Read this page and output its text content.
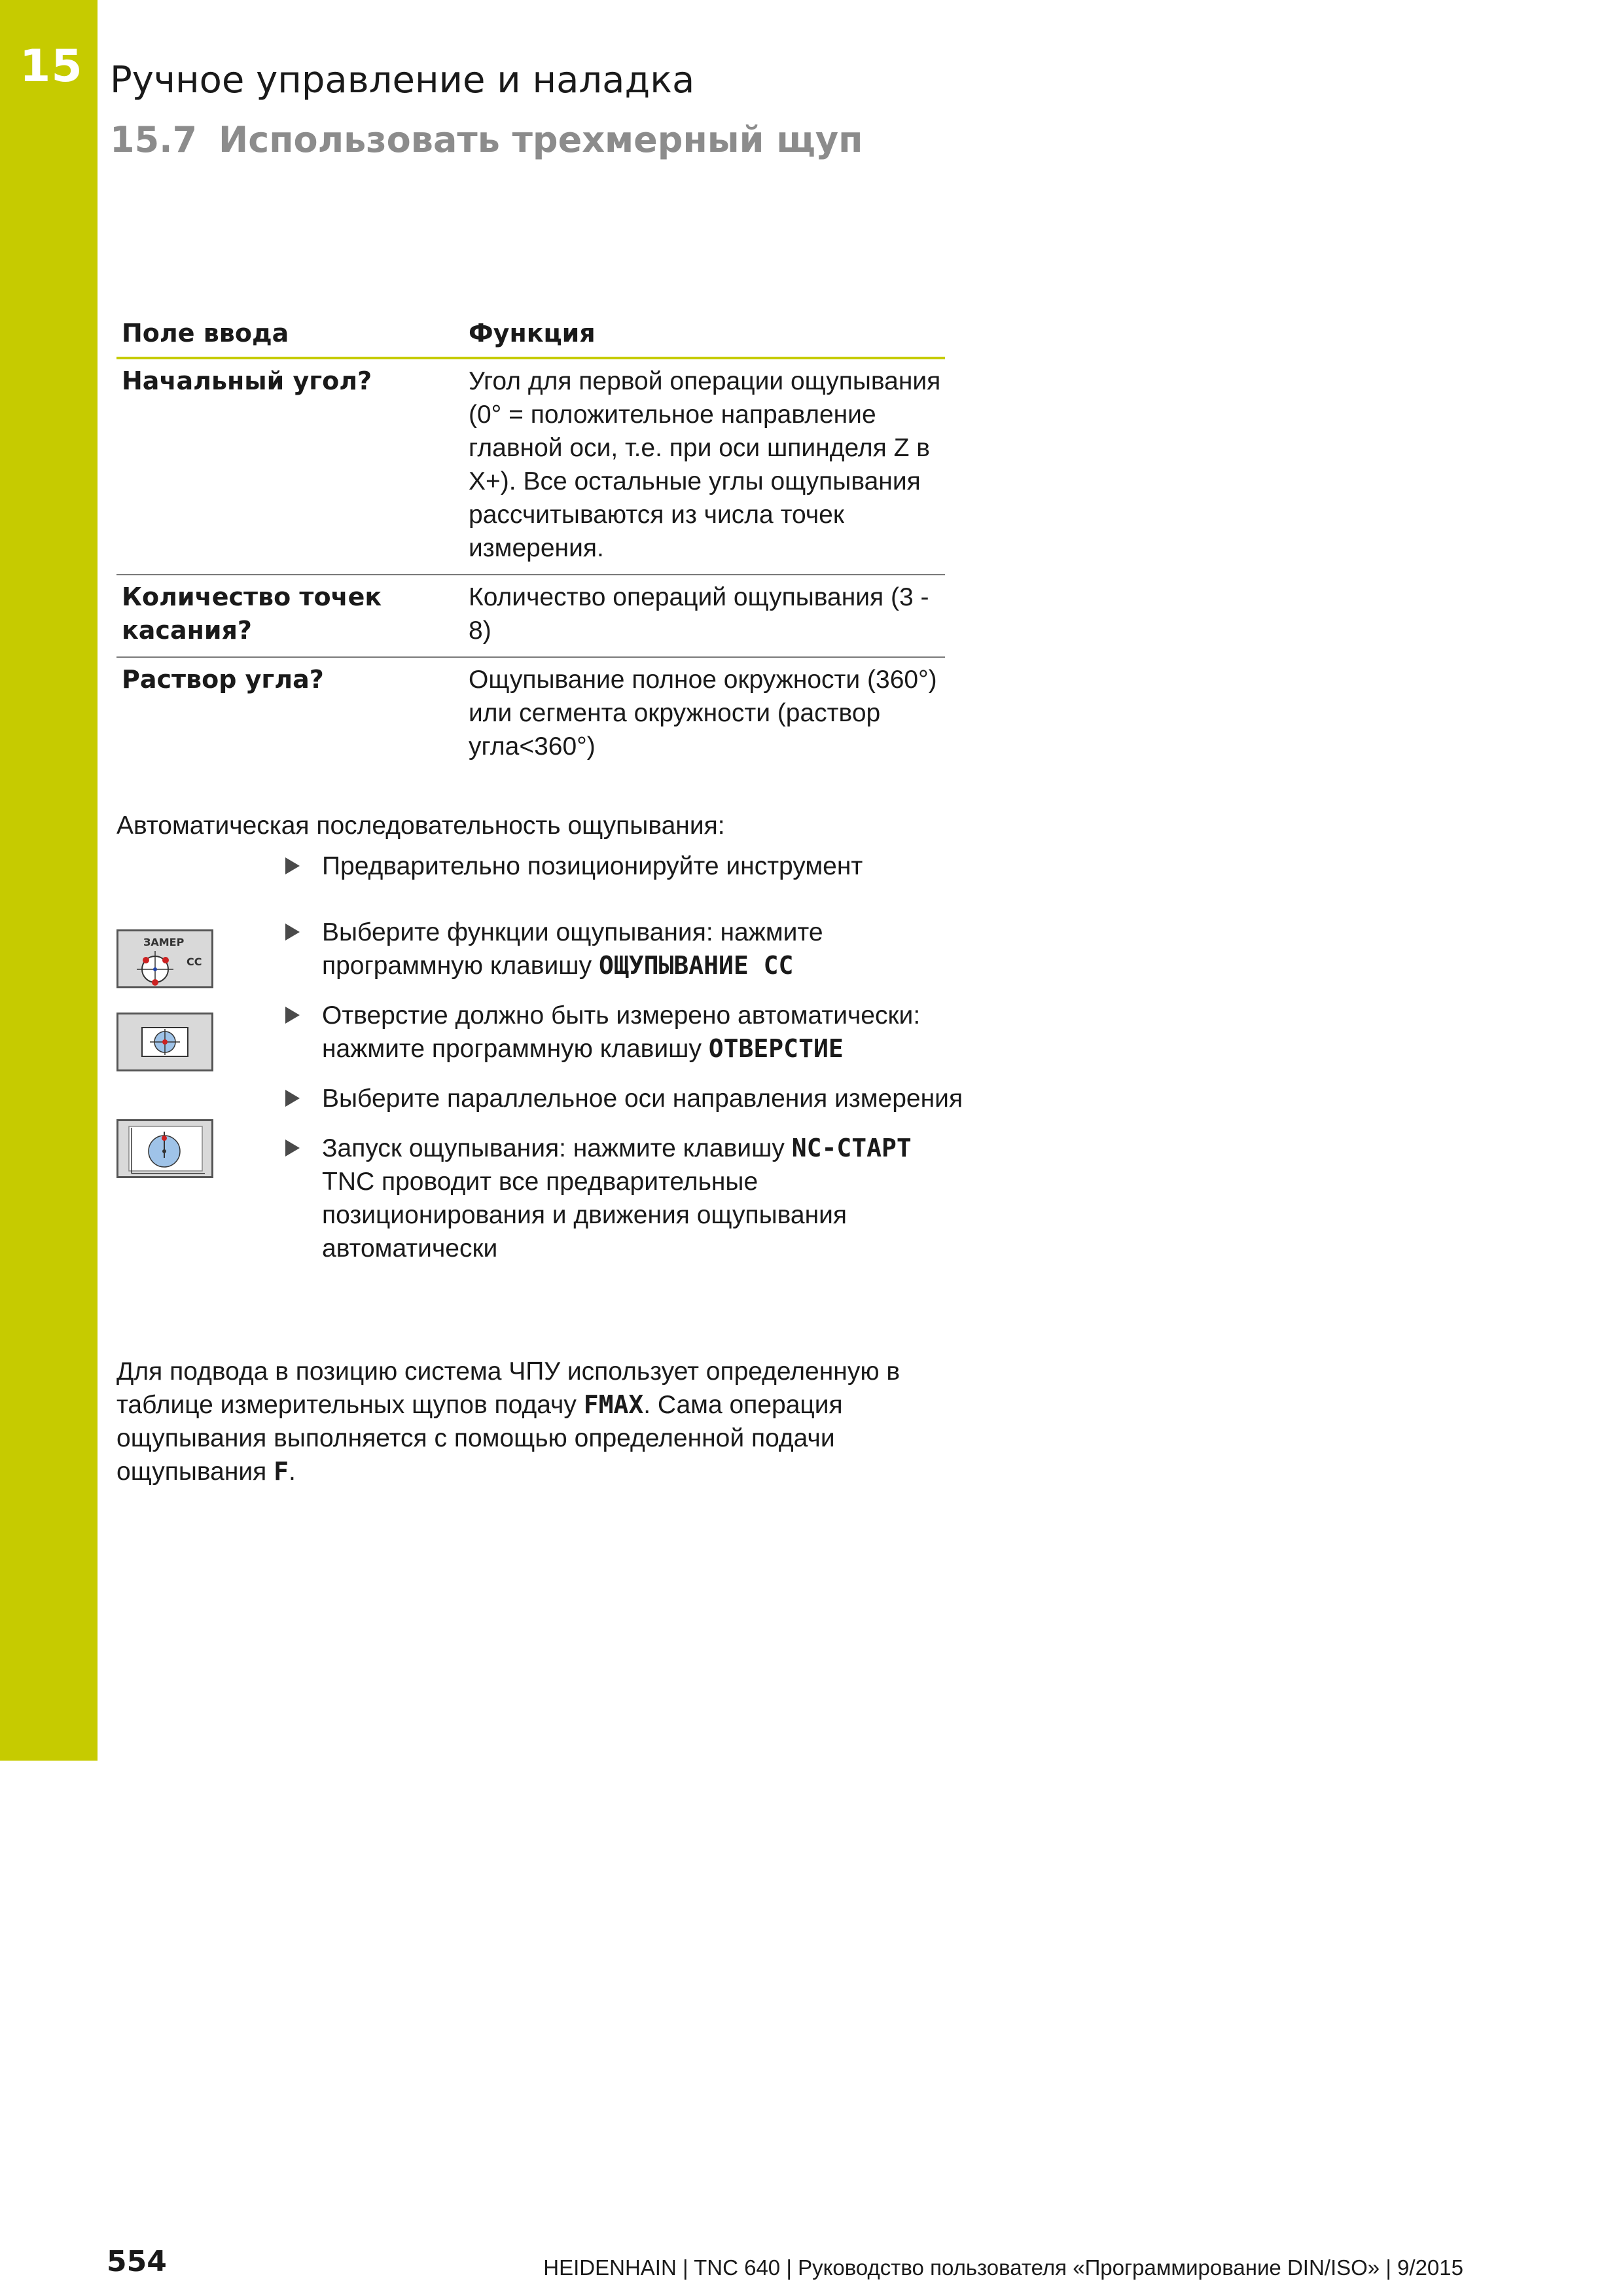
15 Ручное управление и наладка
15.7 Использовать трехмерный щуп
Поле ввода	Функция
Начальный угол?	Угол для первой операции ощупывания (0° = положительное направление главной оси, т.е. при оси шпинделя Z в X+). Все остальные углы ощупывания рассчитываются из числа точек измерения.
Количество точек касания?	Количество операций ощупывания (3 - 8)
Раствор угла?	Ощупывание полное окружности (360°) или сегмента окружности (раствор угла<360°)
Автоматическая последовательность ощупывания:
Предварительно позиционируйте инструмент
Выберите функции ощупывания: нажмите программную клавишу ОЩУПЫВАНИЕ CC
Отверстие должно быть измерено автоматически: нажмите программную клавишу ОТВЕРСТИЕ
Выберите параллельное оси направления измерения
Запуск ощупывания: нажмите клавишу NC-СТАРТ TNC проводит все предварительные позиционирования и движения ощупывания автоматически
ЗАМЕР
CC
Для подвода в позицию система ЧПУ использует определенную в таблице измерительных щупов подачу FMAX. Сама операция ощупывания выполняется с помощью определенной подачи ощупывания F.
554	HEIDENHAIN | TNC 640 | Руководство пользователя «Программирование DIN/ISO» | 9/2015
